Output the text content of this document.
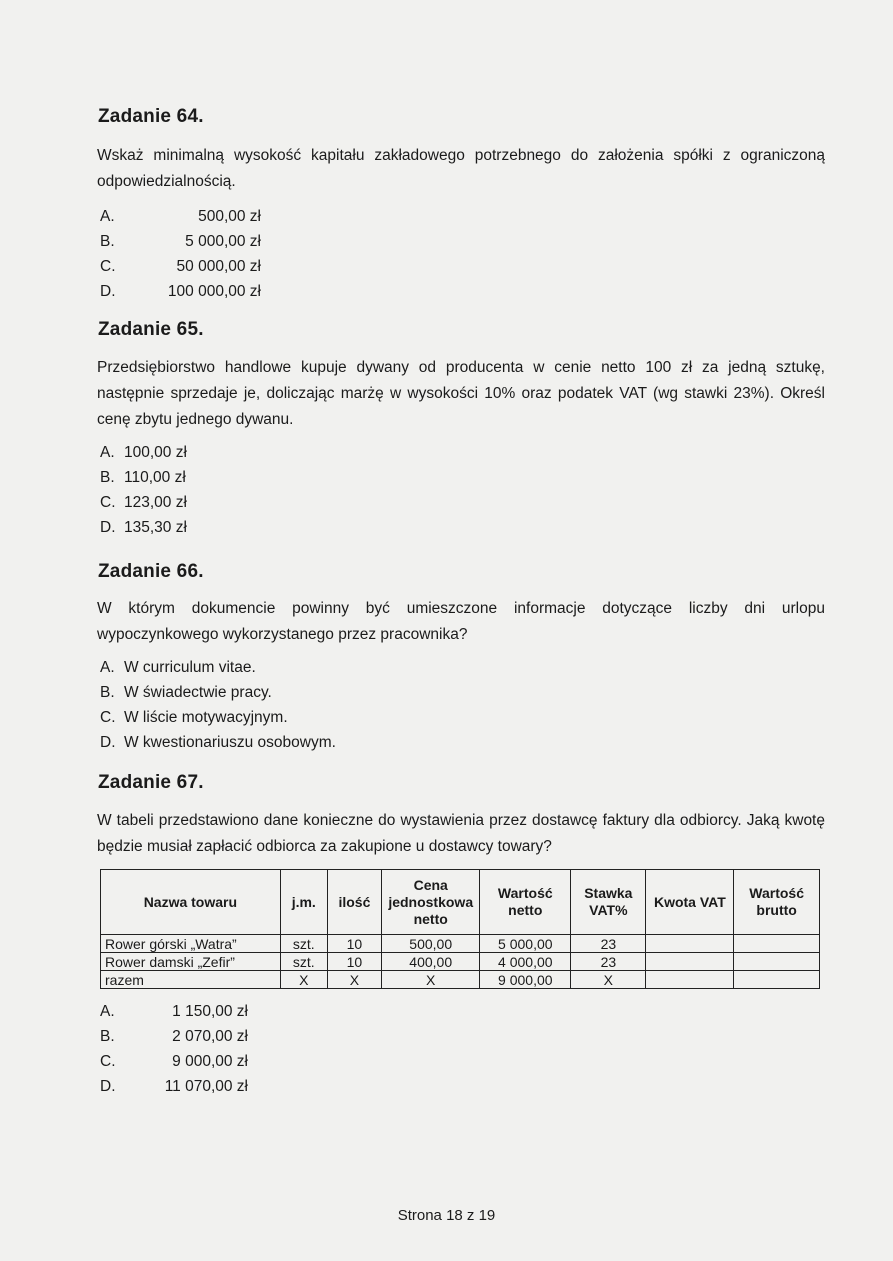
Zadanie 64.

Wskaż minimalną wysokość kapitału zakładowego potrzebnego do założenia spółki z ograniczoną odpowiedzialnością.

A.	500,00 zł
B.	5 000,00 zł
C.	50 000,00 zł
D.	100 000,00 zł
Zadanie 65.

Przedsiębiorstwo handlowe kupuje dywany od producenta w cenie netto 100 zł za jedną sztukę, następnie sprzedaje je, doliczając marżę w wysokości 10% oraz podatek VAT (wg stawki 23%). Określ cenę zbytu jednego dywanu.

A. 100,00 zł
B. 110,00 zł
C. 123,00 zł
D. 135,30 zł
Zadanie 66.

W którym dokumencie powinny być umieszczone informacje dotyczące liczby dni urlopu wypoczynkowego wykorzystanego przez pracownika?

A. W curriculum vitae.
B. W świadectwie pracy.
C. W liście motywacyjnym.
D. W kwestionariuszu osobowym.
Zadanie 67.

W tabeli przedstawiono dane konieczne do wystawienia przez dostawcę faktury dla odbiorcy. Jaką kwotę będzie musiał zapłacić odbiorca za zakupione u dostawcy towary?

Nazwa towaru	j.m.	ilość	Cena jednostkowa netto	Wartość netto	Stawka VAT%	Kwota VAT	Wartość brutto
Rower górski „Watra”	szt.	10	500,00	5 000,00	23		
Rower damski „Zefir”	szt.	10	400,00	4 000,00	23		
razem	X	X	X	9 000,00	X		
A.	1 150,00 zł
B.	2 070,00 zł
C.	9 000,00 zł
D.	11 070,00 zł
Strona 18 z 19
